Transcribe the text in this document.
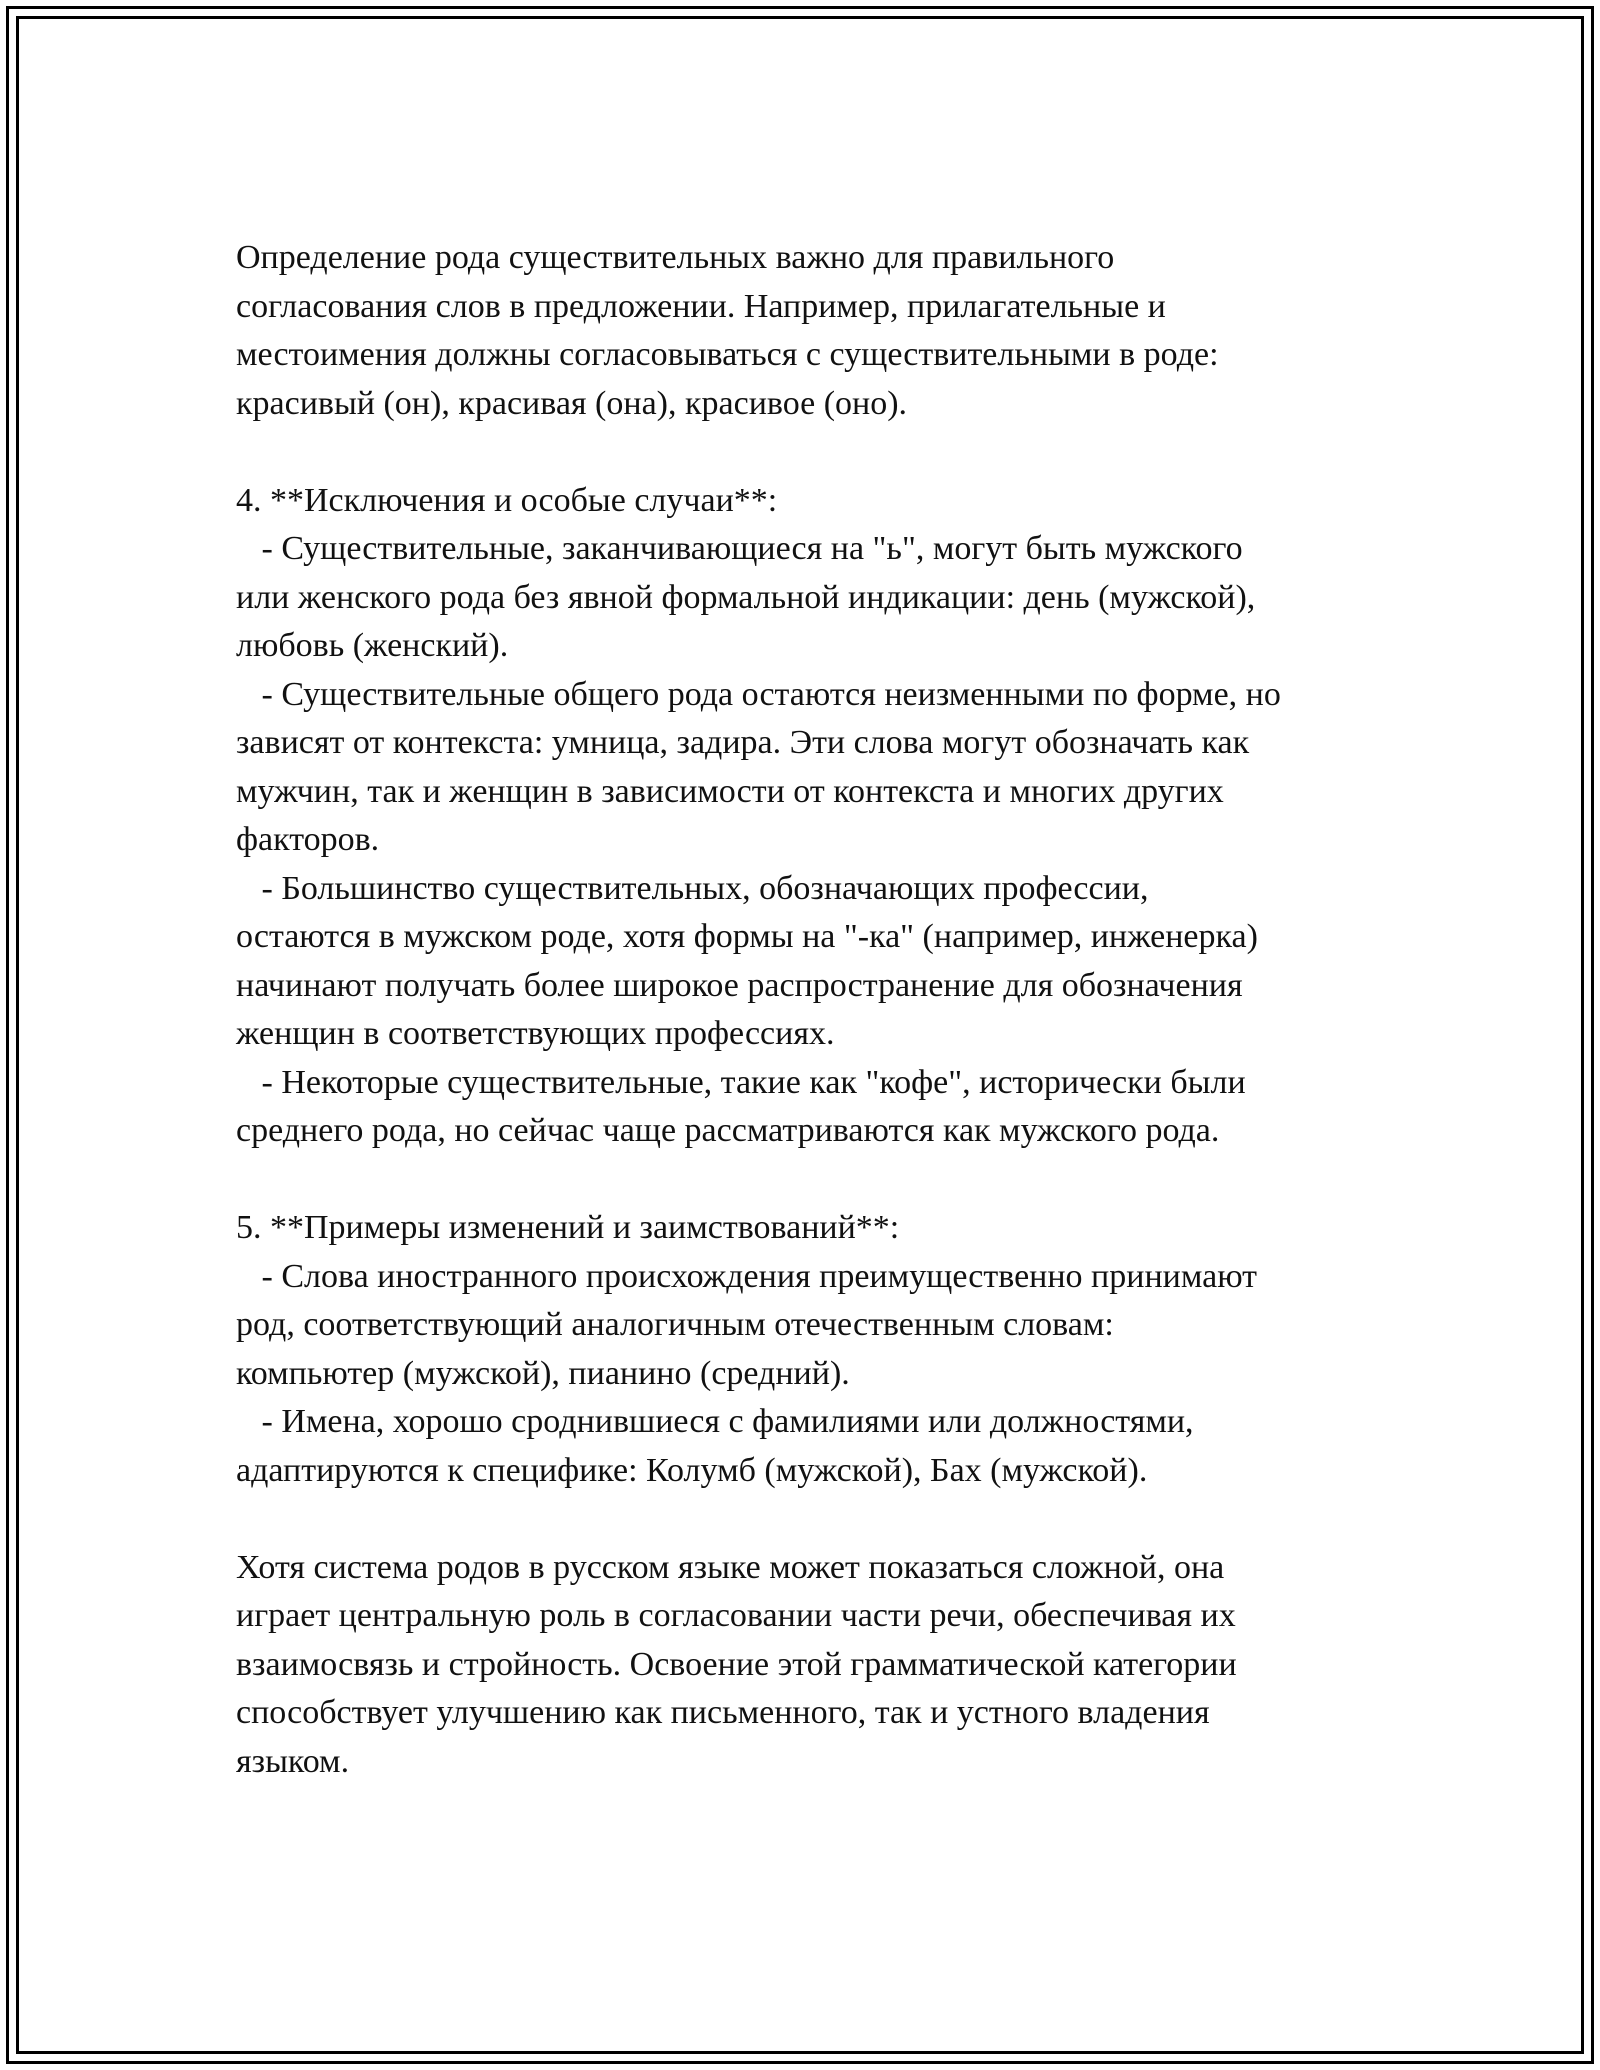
Определение рода существительных важно для правильного
согласования слов в предложении. Например, прилагательные и
местоимения должны согласовываться с существительными в роде:
красивый (он), красивая (она), красивое (оно).
4. **Исключения и особые случаи**:
- Существительные, заканчивающиеся на "ь", могут быть мужского
или женского рода без явной формальной индикации: день (мужской),
любовь (женский).
- Существительные общего рода остаются неизменными по форме, но
зависят от контекста: умница, задира. Эти слова могут обозначать как
мужчин, так и женщин в зависимости от контекста и многих других
факторов.
- Большинство существительных, обозначающих профессии,
остаются в мужском роде, хотя формы на "-ка" (например, инженерка)
начинают получать более широкое распространение для обозначения
женщин в соответствующих профессиях.
- Некоторые существительные, такие как "кофе", исторически были
среднего рода, но сейчас чаще рассматриваются как мужского рода.
5. **Примеры изменений и заимствований**:
- Слова иностранного происхождения преимущественно принимают
род, соответствующий аналогичным отечественным словам:
компьютер (мужской), пианино (средний).
- Имена, хорошо сроднившиеся с фамилиями или должностями,
адаптируются к специфике: Колумб (мужской), Бах (мужской).
Хотя система родов в русском языке может показаться сложной, она
играет центральную роль в согласовании части речи, обеспечивая их
взаимосвязь и стройность. Освоение этой грамматической категории
способствует улучшению как письменного, так и устного владения
языком.
